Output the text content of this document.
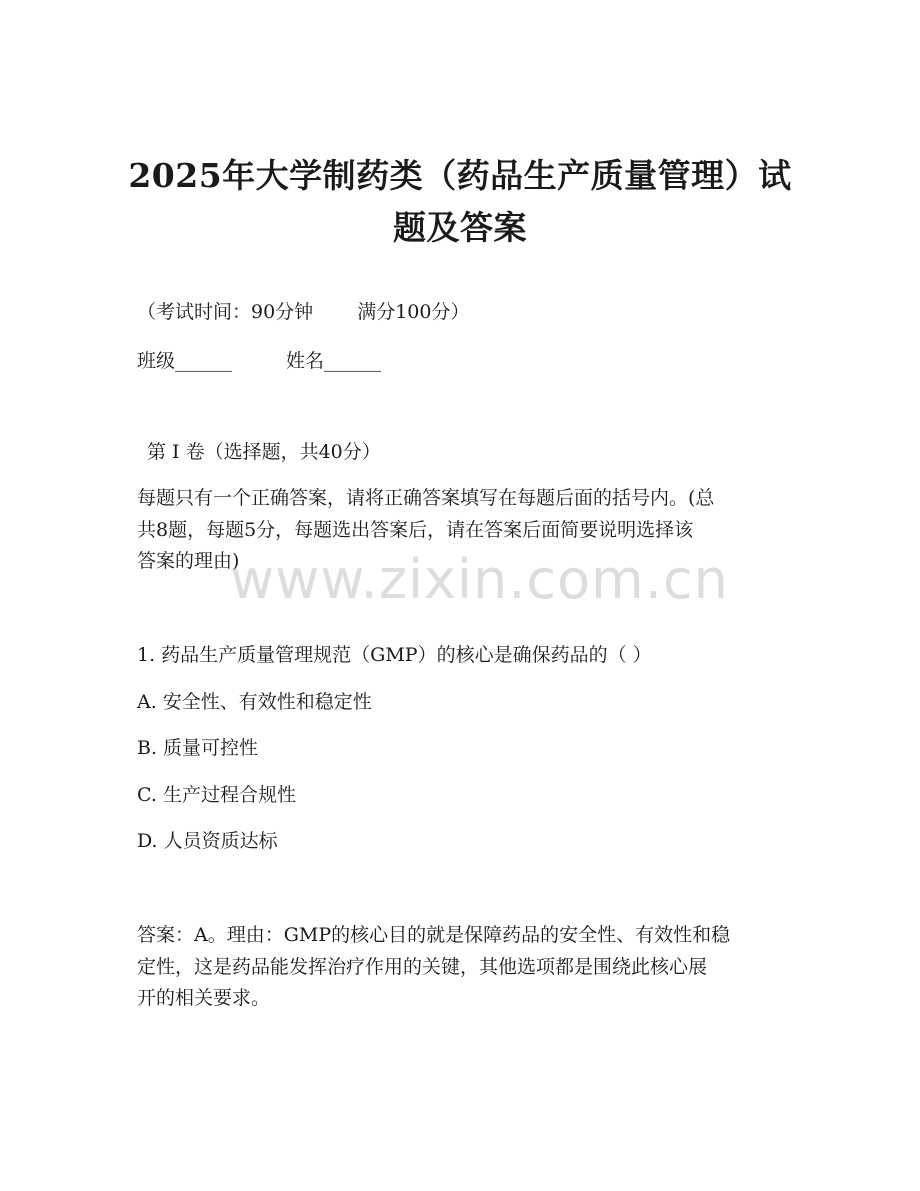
2025年大学制药类（药品生产质量管理）试
题及答案

（考试时间：90分钟 满分100分）

班级______	姓名______

第 I 卷（选择题，共40分）

每题只有一个正确答案，请将正确答案填写在每题后面的括号内。(总
共8题，每题5分，每题选出答案后，请在答案后面简要说明选择该
答案的理由)
www.zixin.com.cn

1. 药品生产质量管理规范（GMP）的核心是确保药品的（ ）

A. 安全性、有效性和稳定性

B. 质量可控性

C. 生产过程合规性

D. 人员资质达标

答案：A。理由：GMP的核心目的就是保障药品的安全性、有效性和稳
定性，这是药品能发挥治疗作用的关键，其他选项都是围绕此核心展
开的相关要求。
